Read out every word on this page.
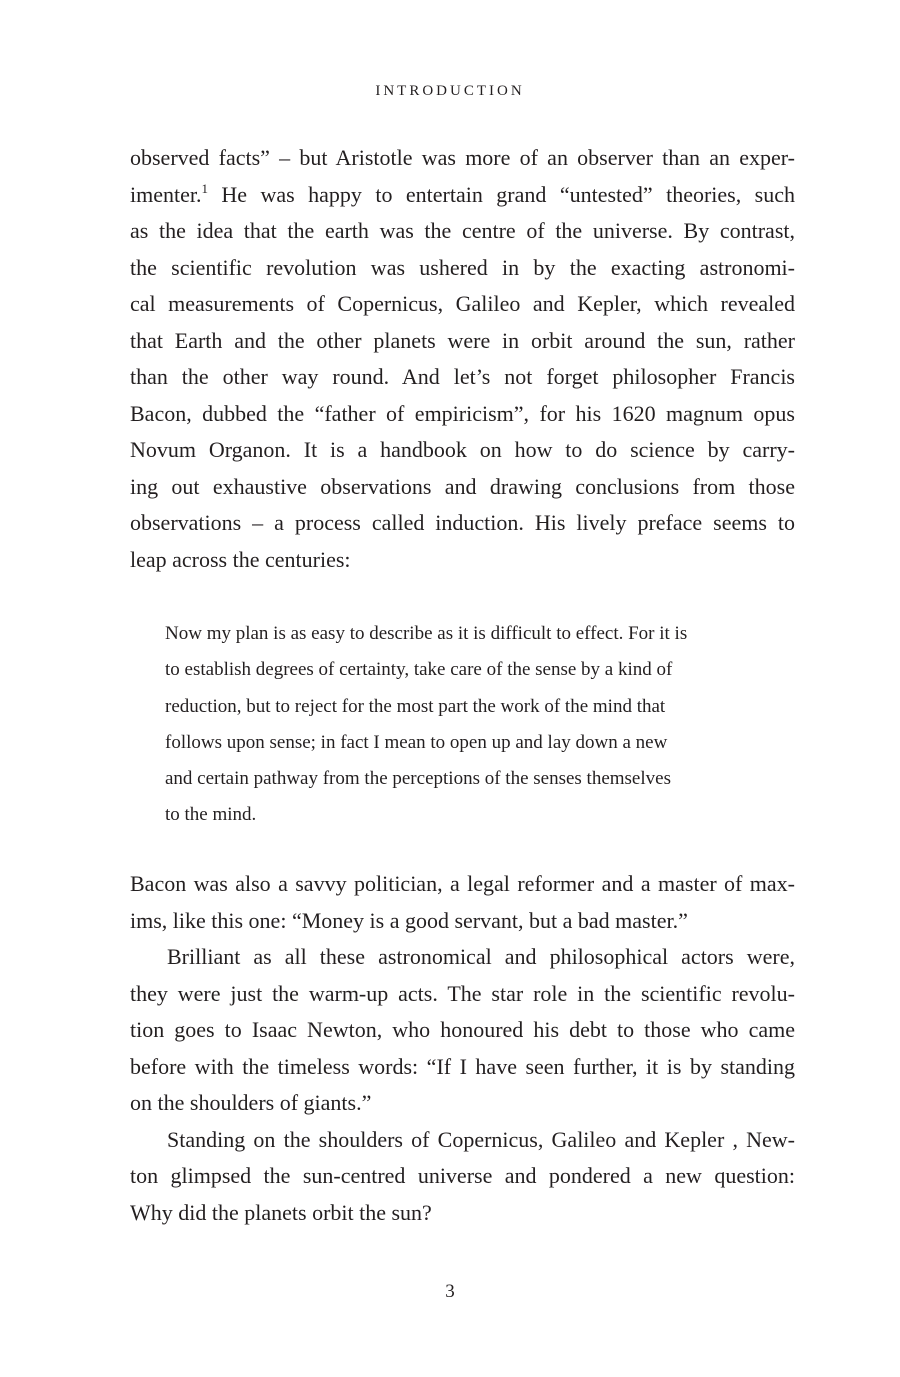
INTRODUCTION
observed facts” – but Aristotle was more of an observer than an exper-
imenter.$^1$ He was happy to entertain grand “untested” theories, such
as the idea that the earth was the centre of the universe. By contrast,
the scientific revolution was ushered in by the exacting astronomi-
cal measurements of Copernicus, Galileo and Kepler, which revealed
that Earth and the other planets were in orbit around the sun, rather
than the other way round. And let’s not forget philosopher Francis
Bacon, dubbed the “father of empiricism”, for his 1620 magnum opus
Novum Organon. It is a handbook on how to do science by carry-
ing out exhaustive observations and drawing conclusions from those
observations – a process called induction. His lively preface seems to
leap across the centuries:
Now my plan is as easy to describe as it is difficult to effect. For it is
to establish degrees of certainty, take care of the sense by a kind of
reduction, but to reject for the most part the work of the mind that
follows upon sense; in fact I mean to open up and lay down a new
and certain pathway from the perceptions of the senses themselves
to the mind.
Bacon was also a savvy politician, a legal reformer and a master of max-
ims, like this one: “Money is a good servant, but a bad master.”
Brilliant as all these astronomical and philosophical actors were,
they were just the warm-up acts. The star role in the scientific revolu-
tion goes to Isaac Newton, who honoured his debt to those who came
before with the timeless words: “If I have seen further, it is by standing
on the shoulders of giants.”
Standing on the shoulders of Copernicus, Galileo and Kepler , New-
ton glimpsed the sun-centred universe and pondered a new question:
Why did the planets orbit the sun?
3
